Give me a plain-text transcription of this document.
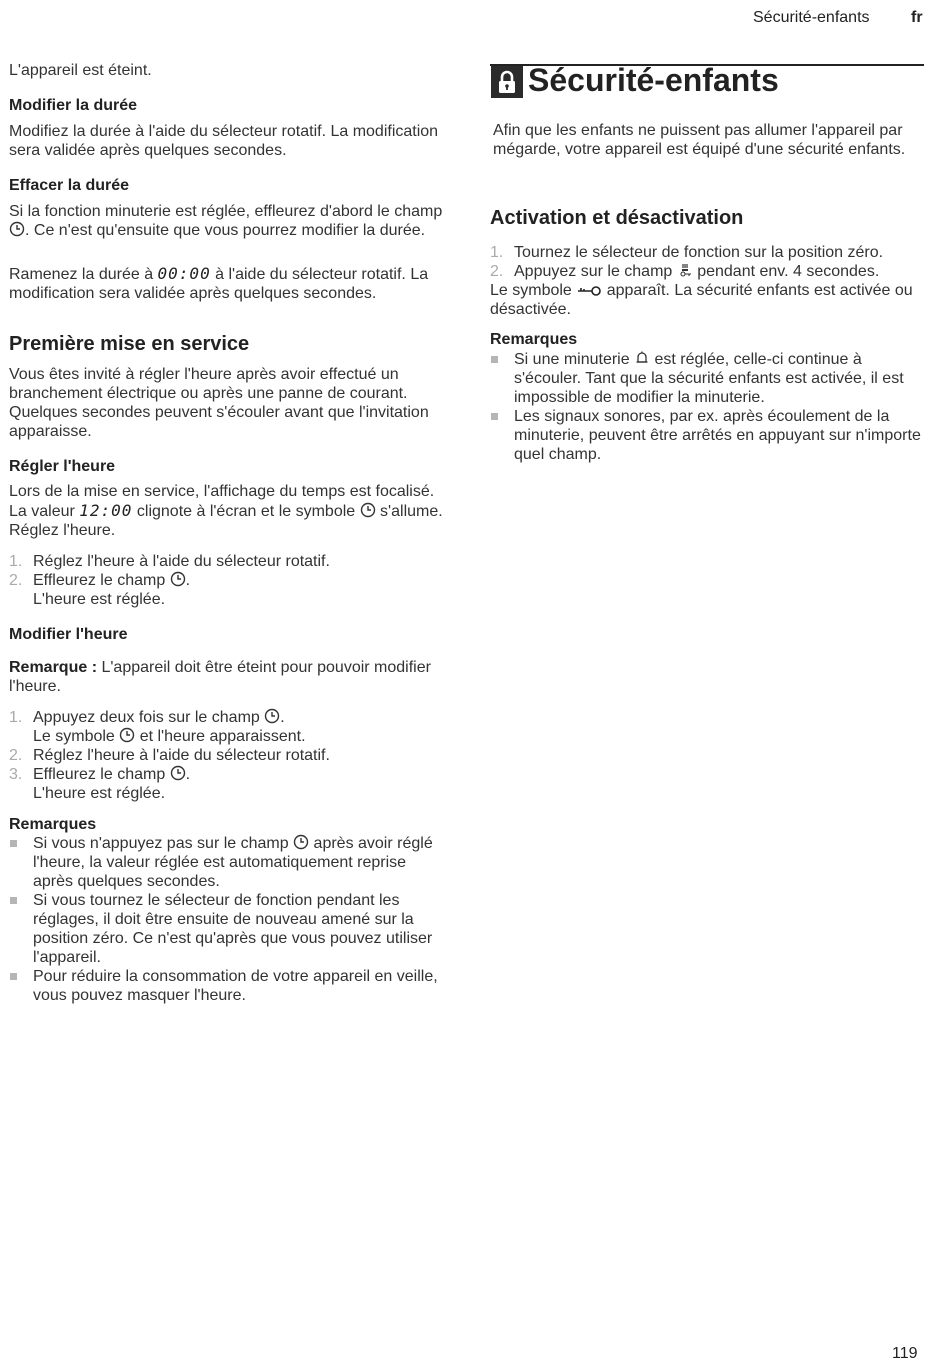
Sécurité-enfants	fr

L'appareil est éteint.

Modifier la durée

Modifiez la durée à l'aide du sélecteur rotatif. La modification sera validée après quelques secondes.

Effacer la durée

Si la fonction minuterie est réglée, effleurez d'abord le champ . Ce n'est qu'ensuite que vous pourrez modifier la durée.

Ramenez la durée à 00:00 à l'aide du sélecteur rotatif. La modification sera validée après quelques secondes.

Première mise en service

Vous êtes invité à régler l'heure après avoir effectué un branchement électrique ou après une panne de courant. Quelques secondes peuvent s'écouler avant que l'invitation apparaisse.

Régler l'heure

Lors de la mise en service, l'affichage du temps est focalisé. La valeur 12:00 clignote à l'écran et le symbole  s'allume. Réglez l'heure.

1. Réglez l'heure à l'aide du sélecteur rotatif.
2. Effleurez le champ .
L'heure est réglée.
Modifier l'heure

Remarque : L'appareil doit être éteint pour pouvoir modifier l'heure.

1. Appuyez deux fois sur le champ .
Le symbole  et l'heure apparaissent.
2. Réglez l'heure à l'aide du sélecteur rotatif.
3. Effleurez le champ .
L'heure est réglée.
Remarques
Si vous n'appuyez pas sur le champ  après avoir réglé l'heure, la valeur réglée est automatiquement reprise après quelques secondes.
Si vous tournez le sélecteur de fonction pendant les réglages, il doit être ensuite de nouveau amené sur la position zéro. Ce n'est qu'après que vous pouvez utiliser l'appareil.
Pour réduire la consommation de votre appareil en veille, vous pouvez masquer l'heure.
Sécurité-enfants

Afin que les enfants ne puissent pas allumer l'appareil par mégarde, votre appareil est équipé d'une sécurité enfants.

Activation et désactivation
1. Tournez le sélecteur de fonction sur la position zéro.
2. Appuyez sur le champ  pendant env. 4 secondes.

Le symbole  apparaît. La sécurité enfants est activée ou désactivée.

Remarques
Si une minuterie  est réglée, celle-ci continue à s'écouler. Tant que la sécurité enfants est activée, il est impossible de modifier la minuterie.
Les signaux sonores, par ex. après écoulement de la minuterie, peuvent être arrêtés en appuyant sur n'importe quel champ.
119
